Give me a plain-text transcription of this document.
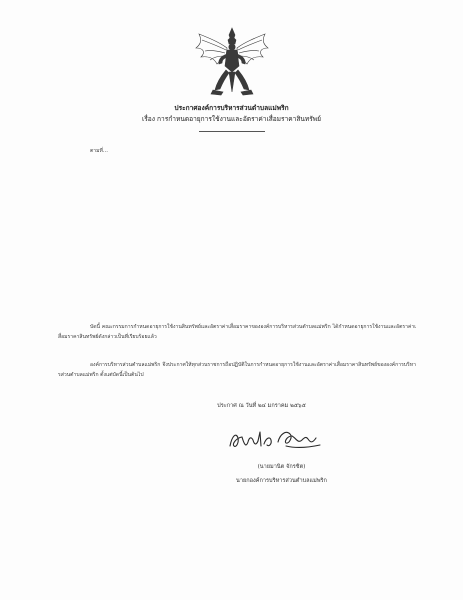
ประกาศองค์การบริหารส่วนตำบลแม่พริก
เรื่อง การกำหนดอายุการใช้งานและอัตราค่าเสื่อมราคาสินทรัพย์
ตามที่…
บัดนี้ คณะกรรมการกำหนดอายุการใช้งานสินทรัพย์และอัตราค่าเสื่อมราคาขององค์การบริหารส่วนตำบลแม่พริก ได้กำหนดอายุการใช้งานและอัตราค่าเสื่อมราคาสินทรัพย์ดังกล่าวเป็นที่เรียบร้อยแล้ว
องค์การบริหารส่วนตำบลแม่พริก จึงประกาศให้ทุกส่วนราชการถือปฏิบัติในการกำหนดอายุการใช้งานและอัตราค่าเสื่อมราคาสินทรัพย์ขององค์การบริหารส่วนตำบลแม่พริก ตั้งแต่บัดนี้เป็นต้นไป
ประกาศ ณ วันที่ ๒๔ มกราคม ๒๕๖๕
(นายมานิต จักรชิต)
นายกองค์การบริหารส่วนตำบลแม่พริก
